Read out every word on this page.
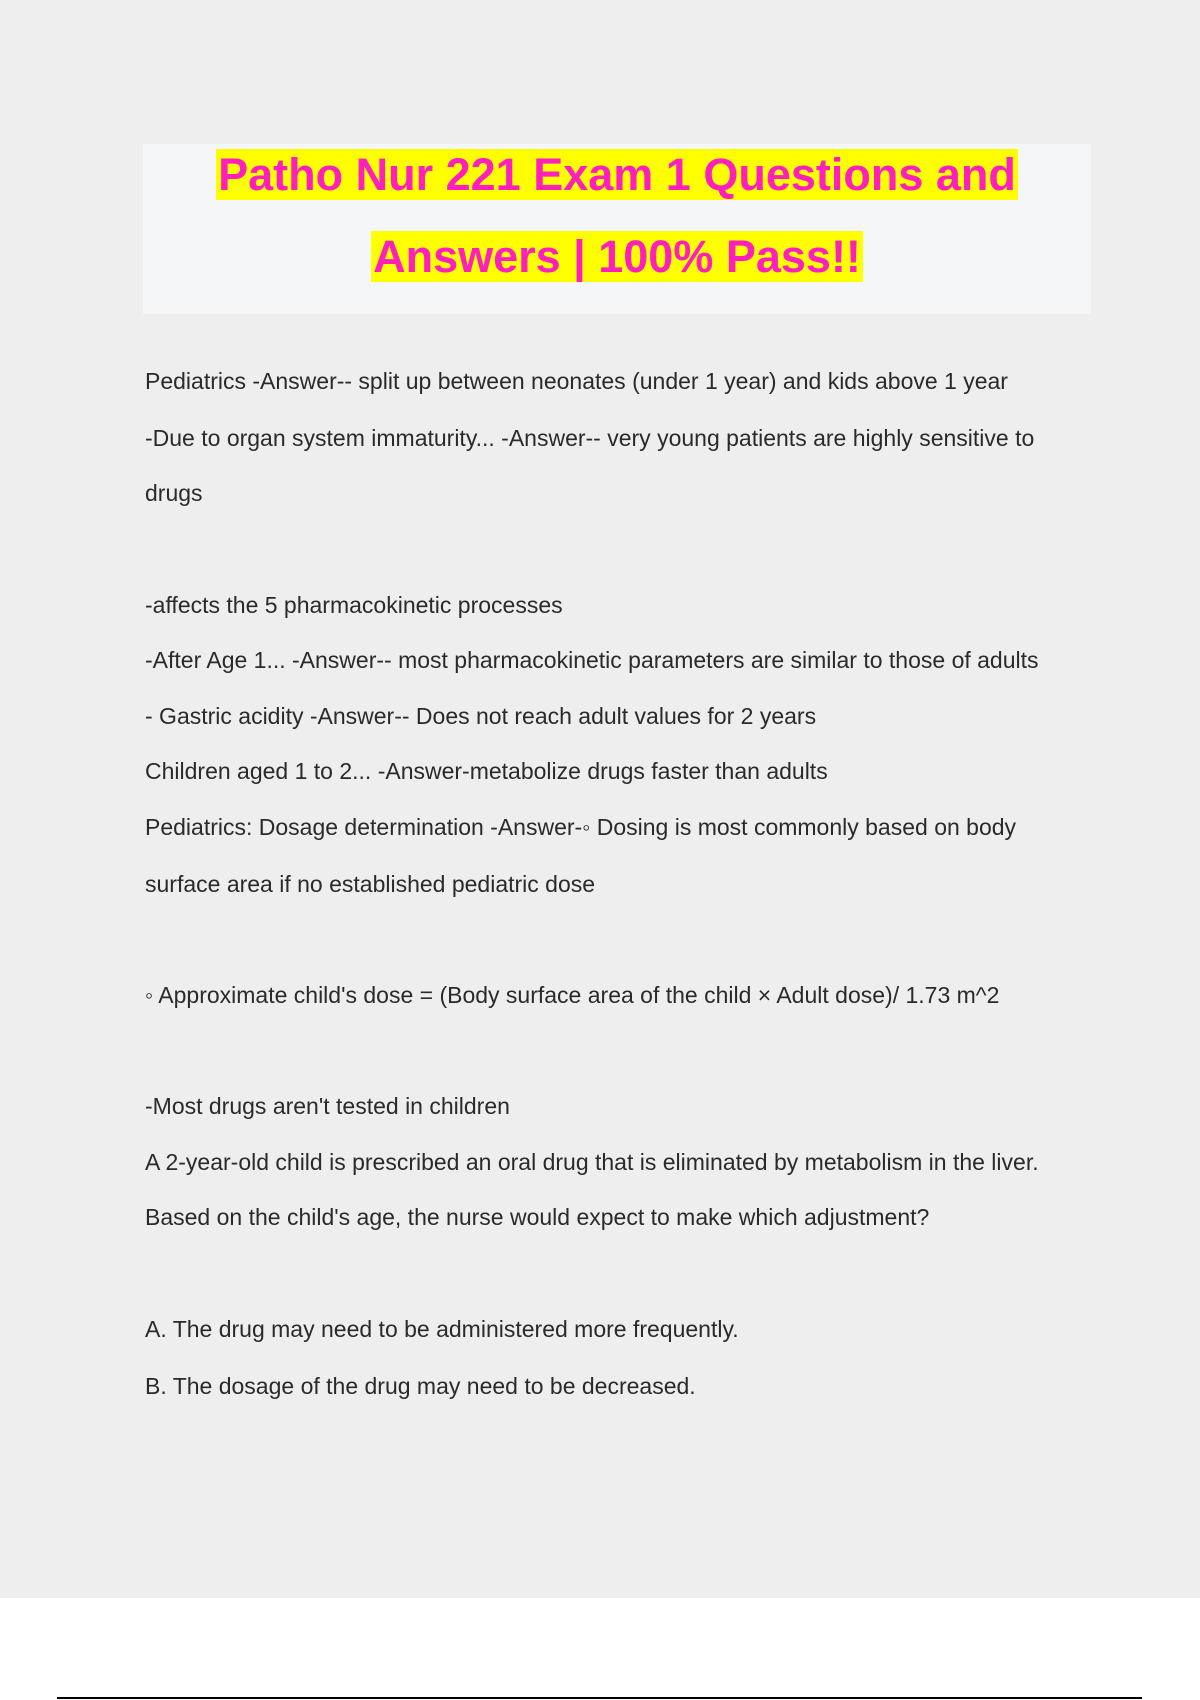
Patho Nur 221 Exam 1 Questions and
Answers | 100% Pass!!
Pediatrics -Answer-- split up between neonates (under 1 year) and kids above 1 year
-Due to organ system immaturity... -Answer-- very young patients are highly sensitive to
drugs
-affects the 5 pharmacokinetic processes
-After Age 1... -Answer-- most pharmacokinetic parameters are similar to those of adults
- Gastric acidity -Answer-- Does not reach adult values for 2 years
Children aged 1 to 2... -Answer-metabolize drugs faster than adults
Pediatrics: Dosage determination -Answer-◦ Dosing is most commonly based on body
surface area if no established pediatric dose
◦ Approximate child's dose = (Body surface area of the child × Adult dose)/ 1.73 m^2
-Most drugs aren't tested in children
A 2-year-old child is prescribed an oral drug that is eliminated by metabolism in the liver.
Based on the child's age, the nurse would expect to make which adjustment?
A. The drug may need to be administered more frequently.
B. The dosage of the drug may need to be decreased.
